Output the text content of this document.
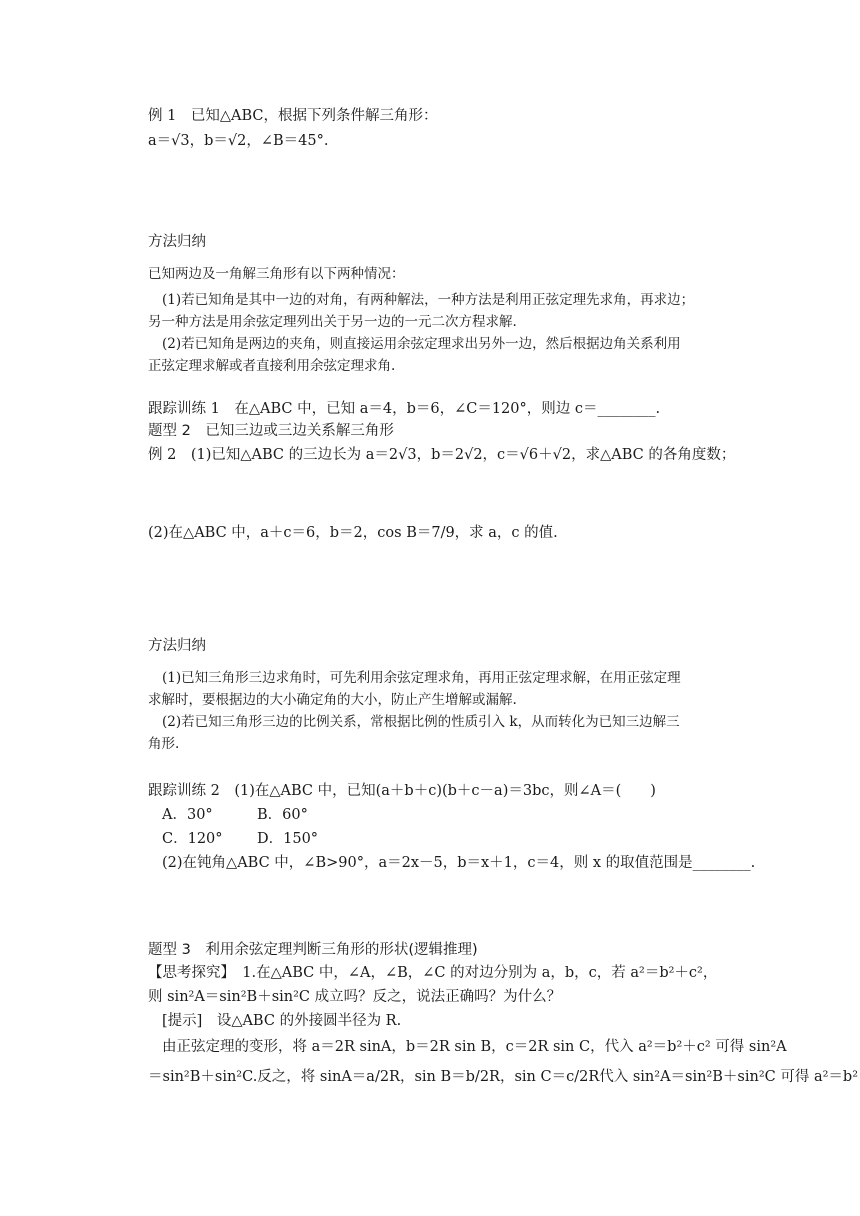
例 1　已知△ABC，根据下列条件解三角形：
a＝√3，b＝√2，∠B＝45°.
方法归纳
已知两边及一角解三角形有以下两种情况：
(1)若已知角是其中一边的对角，有两种解法，一种方法是利用正弦定理先求角，再求边；
另一种方法是用余弦定理列出关于另一边的一元二次方程求解.
(2)若已知角是两边的夹角，则直接运用余弦定理求出另外一边，然后根据边角关系利用
正弦定理求解或者直接利用余弦定理求角.
跟踪训练 1　在△ABC 中，已知 a＝4，b＝6，∠C＝120°，则边 c＝________.
题型 2　已知三边或三边关系解三角形
例 2　(1)已知△ABC 的三边长为 a＝2√3，b＝2√2，c＝√6＋√2，求△ABC 的各角度数；
(2)在△ABC 中，a＋c＝6，b＝2，cos B＝7/9，求 a，c 的值.
方法归纳
(1)已知三角形三边求角时，可先利用余弦定理求角，再用正弦定理求解，在用正弦定理
求解时，要根据边的大小确定角的大小，防止产生增解或漏解.
(2)若已知三角形三边的比例关系，常根据比例的性质引入 k，从而转化为已知三边解三
角形.
跟踪训练 2　(1)在△ABC 中，已知(a＋b＋c)(b＋c－a)＝3bc，则∠A＝(　　)
A．30°	B．60°
C．120° D．150°
(2)在钝角△ABC 中，∠B>90°，a＝2x－5，b＝x＋1，c＝4，则 x 的取值范围是________.
题型 3　利用余弦定理判断三角形的形状(逻辑推理)
【思考探究】　1.在△ABC 中，∠A，∠B，∠C 的对边分别为 a，b，c，若 a²＝b²＋c²，
则 sin²A＝sin²B＋sin²C 成立吗？反之，说法正确吗？为什么？
[提示]　设△ABC 的外接圆半径为 R.
由正弦定理的变形，将 a＝2R sinA，b＝2R sin B，c＝2R sin C，代入 a²＝b²＋c² 可得 sin²A
＝sin²B＋sin²C.反之，将 sinA＝a/2R，sin B＝b/2R，sin C＝c/2R代入 sin²A＝sin²B＋sin²C 可得 a²＝b²
